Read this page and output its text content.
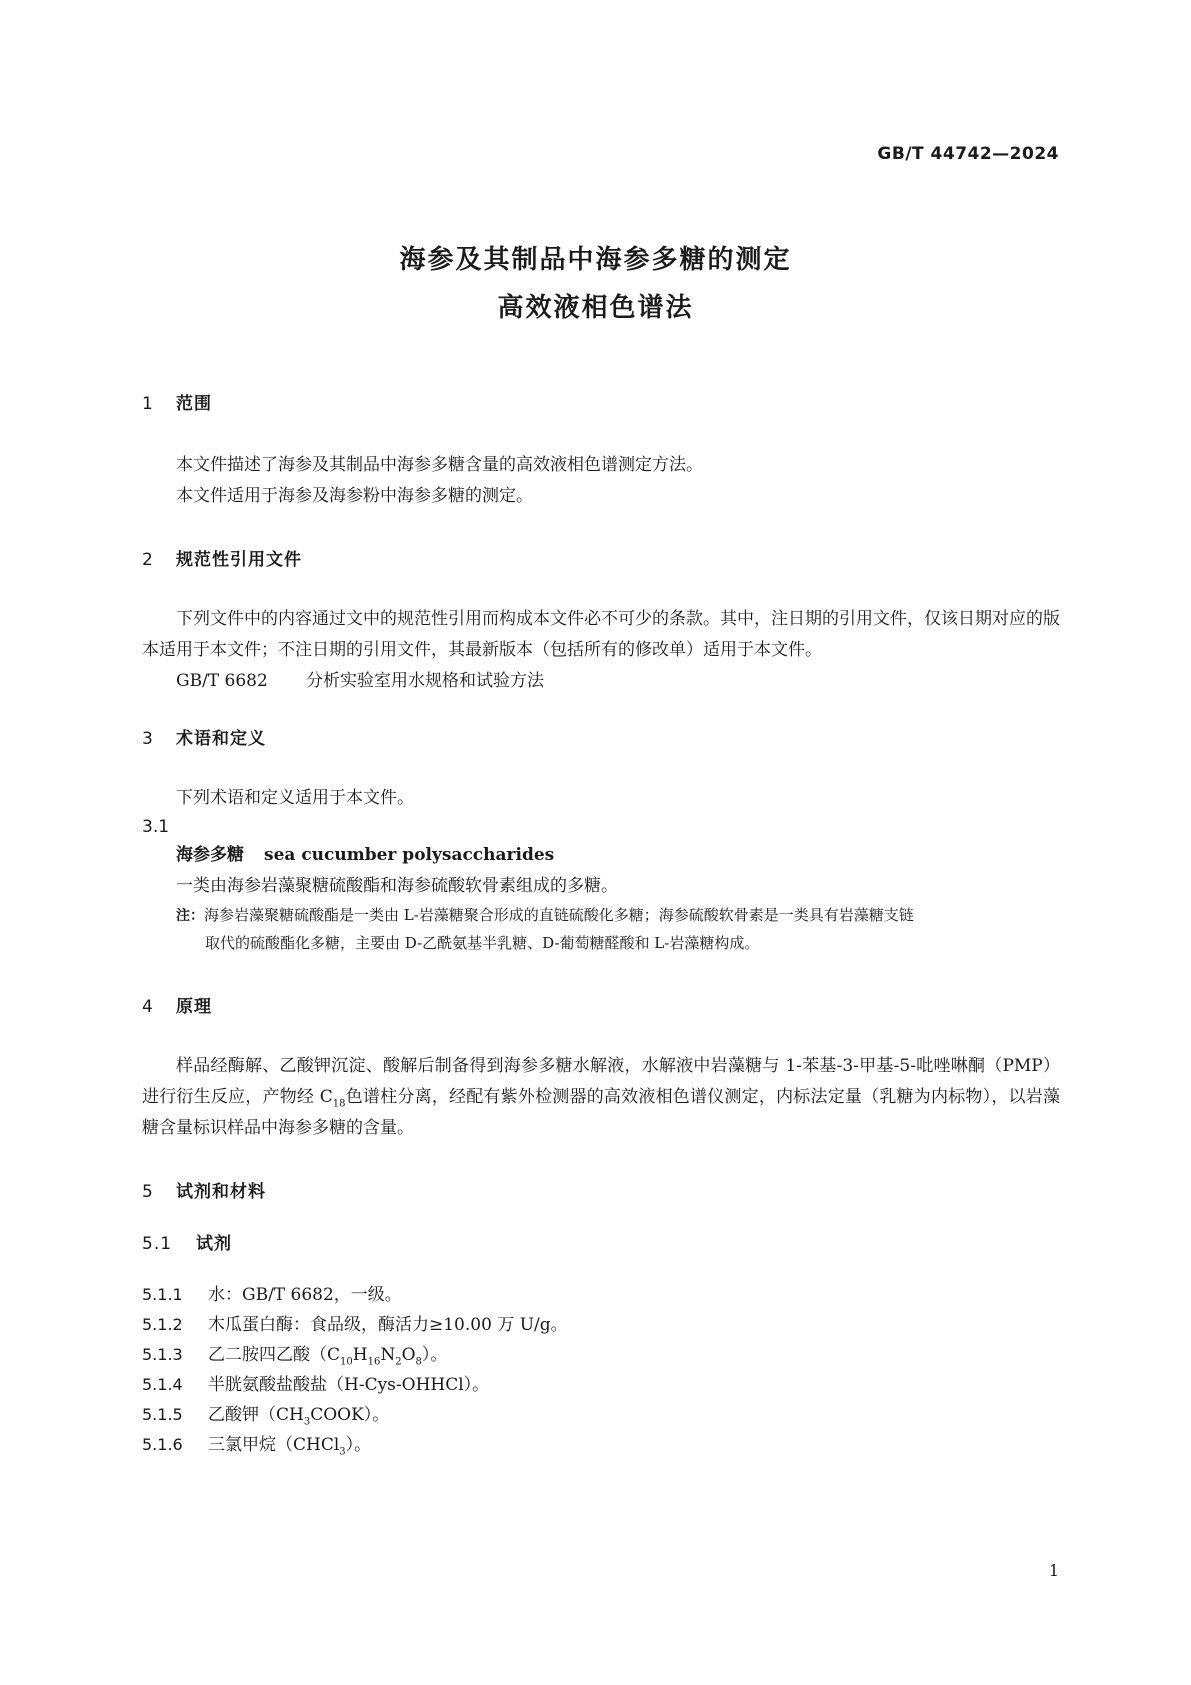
GB/T 44742—2024
海参及其制品中海参多糖的测定
高效液相色谱法
1 范围

本文件描述了海参及其制品中海参多糖含量的高效液相色谱测定方法。

本文件适用于海参及海参粉中海参多糖的测定。

2 规范性引用文件

下列文件中的内容通过文中的规范性引用而构成本文件必不可少的条款。其中，注日期的引用文件，仅该日期对应的版本适用于本文件；不注日期的引用文件，其最新版本（包括所有的修改单）适用于本文件。

GB/T 6682 分析实验室用水规格和试验方法

3 术语和定义

下列术语和定义适用于本文件。

3.1

海参多糖 sea cucumber polysaccharides

一类由海参岩藻聚糖硫酸酯和海参硫酸软骨素组成的多糖。

注：海参岩藻聚糖硫酸酯是一类由 L-岩藻糖聚合形成的直链硫酸化多糖；海参硫酸软骨素是一类具有岩藻糖支链
取代的硫酸酯化多糖，主要由 D-乙酰氨基半乳糖、D-葡萄糖醛酸和 L-岩藻糖构成。

4 原理

样品经酶解、乙酸钾沉淀、酸解后制备得到海参多糖水解液，水解液中岩藻糖与 1-苯基-3-甲基-5-吡唑啉酮（PMP）进行衍生反应，产物经 $C_{18}$色谱柱分离，经配有紫外检测器的高效液相色谱仪测定，内标法定量（乳糖为内标物），以岩藻糖含量标识样品中海参多糖的含量。

5 试剂和材料
5.1 试剂

5.1.1 水：GB/T 6682，一级。

5.1.2 木瓜蛋白酶：食品级，酶活力≥10.00 万 U/g。

5.1.3 乙二胺四乙酸$(C_{10}H_{16}N_2O_8)$。

5.1.4 半胱氨酸盐酸盐（H-Cys-OHHCl）。

5.1.5 乙酸钾$(CH_3COOK)$。

5.1.6 三氯甲烷（CHCl$_3$）。

1
